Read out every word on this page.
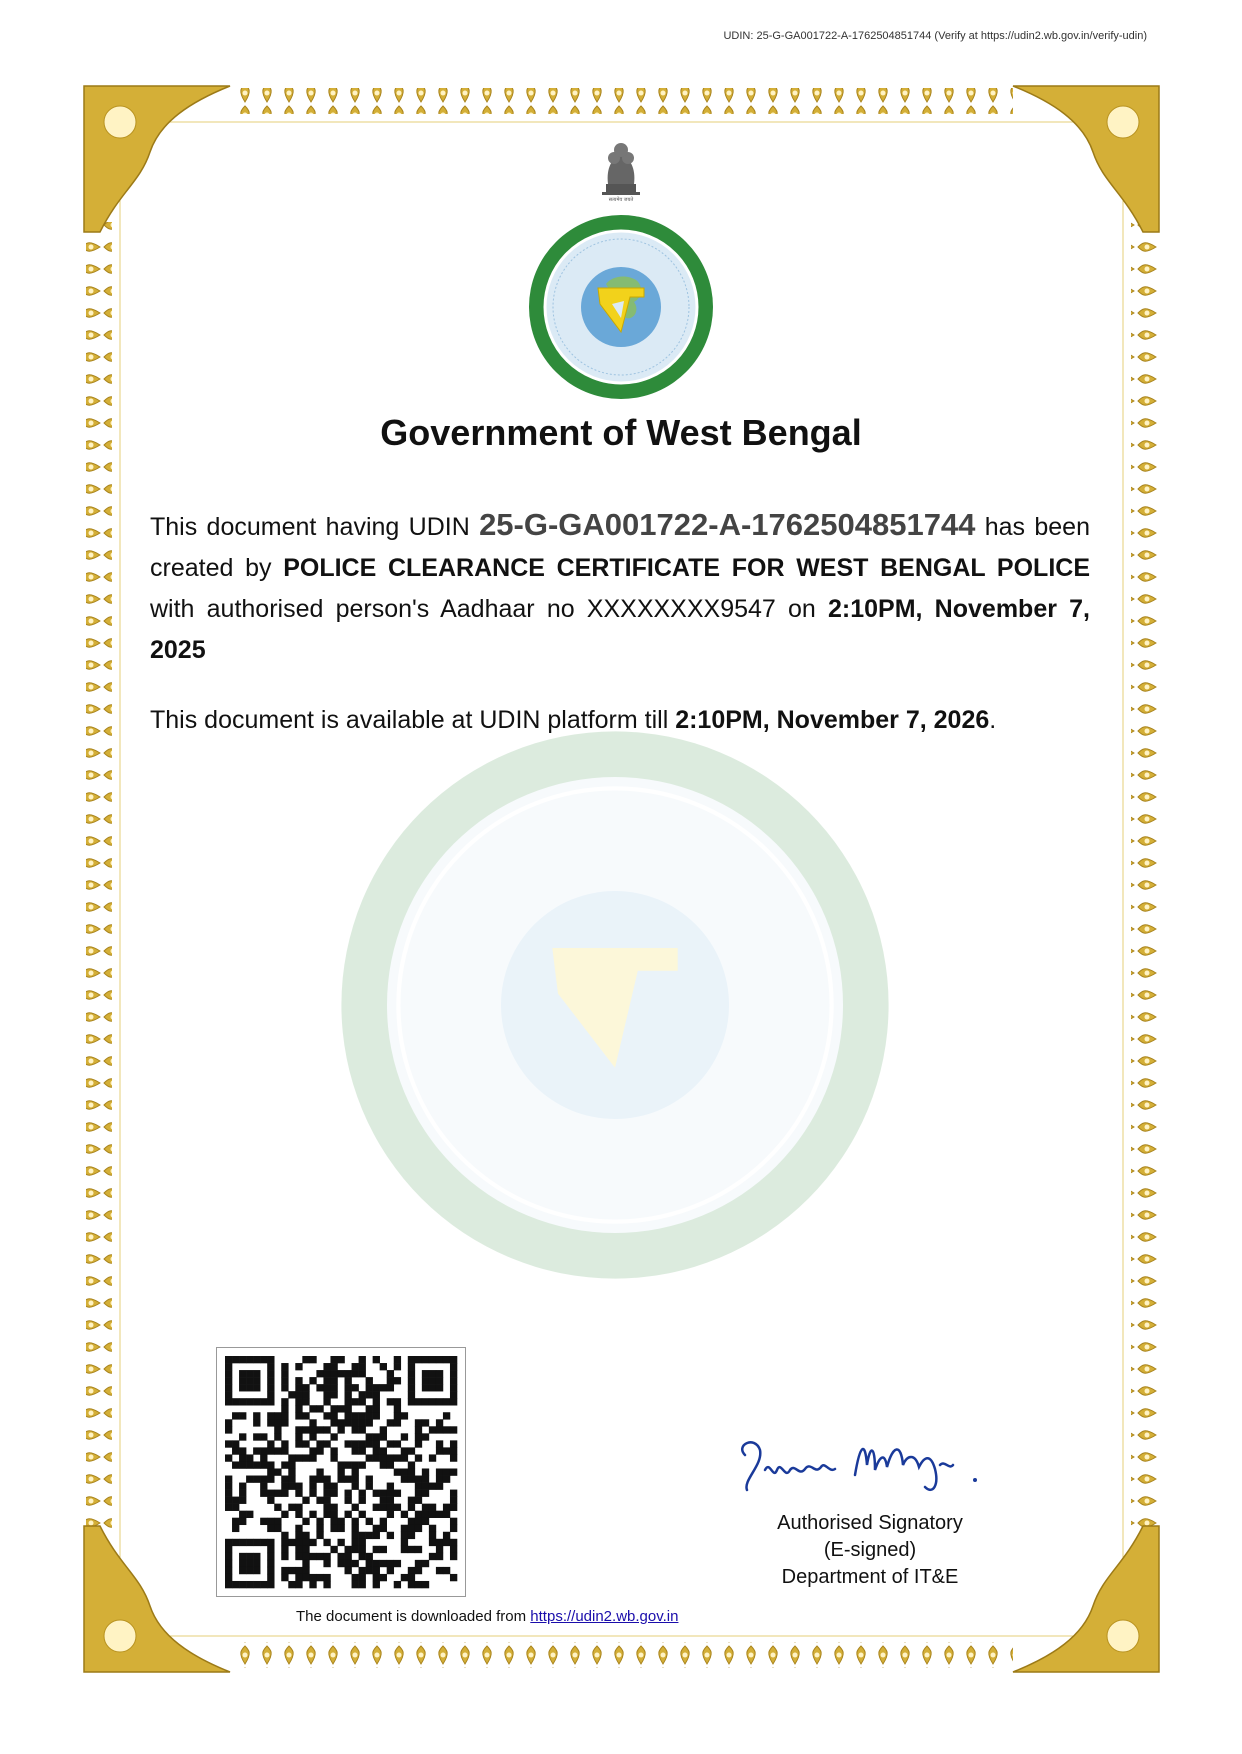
UDIN: 25-G-GA001722-A-1762504851744 (Verify at https://udin2.wb.gov.in/verify-udin)
सत्यमेव जयते
Government of West Bengal
This document having UDIN 25-G-GA001722-A-1762504851744 has been created by POLICE CLEARANCE CERTIFICATE FOR WEST BENGAL POLICE with authorised person's Aadhaar no XXXXXXXX9547 on 2:10PM, November 7, 2025
This document is available at UDIN platform till 2:10PM, November 7, 2026.
Authorised Signatory
(E-signed)
Department of IT&E
The document is downloaded from https://udin2.wb.gov.in
